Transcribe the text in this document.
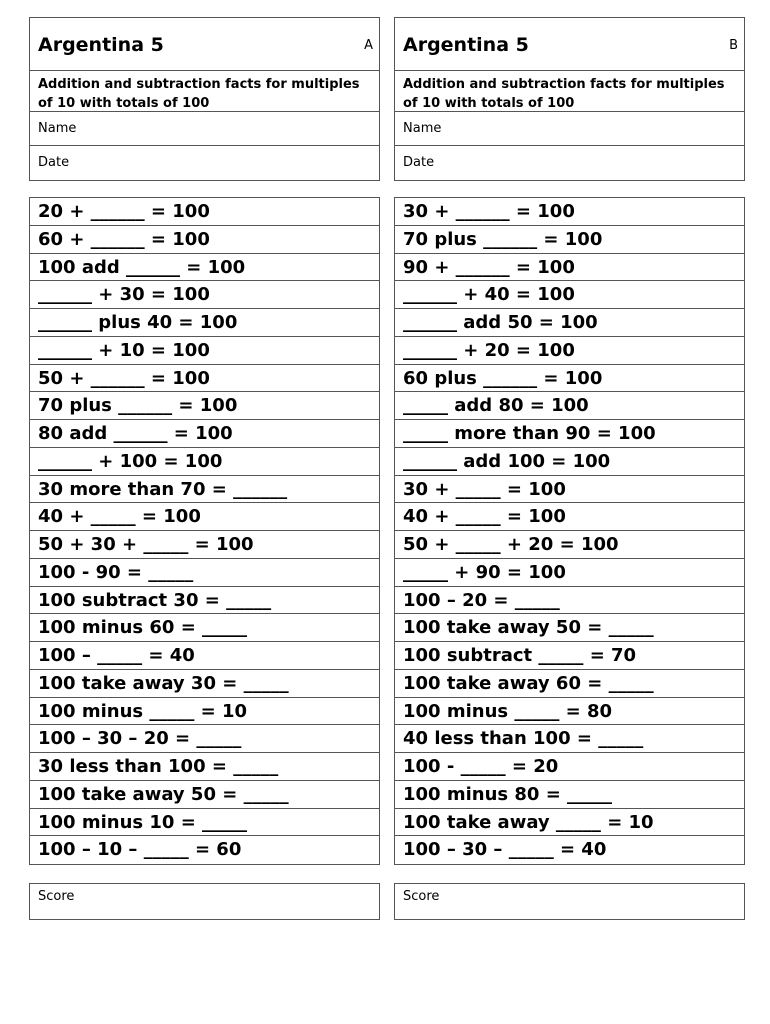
Argentina 5	A
Addition and subtraction facts for multiples of 10 with totals of 100
Name
Date
20 + ______ = 100
60 + ______ = 100
100 add ______ = 100
______ + 30 = 100
______ plus 40 = 100
______ + 10 = 100
50 + ______ = 100
70 plus ______ = 100
80 add ______ = 100
______ + 100 = 100
30 more than 70 = ______
40 + _____ = 100
50 + 30 + _____ = 100
100 - 90 = _____
100 subtract 30 = _____
100 minus 60 = _____
100 – _____ = 40
100 take away 30 = _____
100 minus _____ = 10
100 – 30 – 20 = _____
30 less than 100 = _____
100 take away 50 = _____
100 minus 10 = _____
100 – 10 – _____ = 60
Score
Argentina 5	B
Addition and subtraction facts for multiples of 10 with totals of 100
Name
Date
30 + ______ = 100
70 plus ______ = 100
90 + ______ = 100
______ + 40 = 100
______ add 50 = 100
______ + 20 = 100
60 plus ______ = 100
_____ add 80 = 100
_____ more than 90 = 100
______ add 100 = 100
30 + _____ = 100
40 + _____ = 100
50 + _____ + 20 = 100
_____ + 90 = 100
100 – 20 = _____
100 take away 50 = _____
100 subtract _____ = 70
100 take away 60 = _____
100 minus _____ = 80
40 less than 100 = _____
100 - _____ = 20
100 minus 80 = _____
100 take away _____ = 10
100 – 30 – _____ = 40
Score
